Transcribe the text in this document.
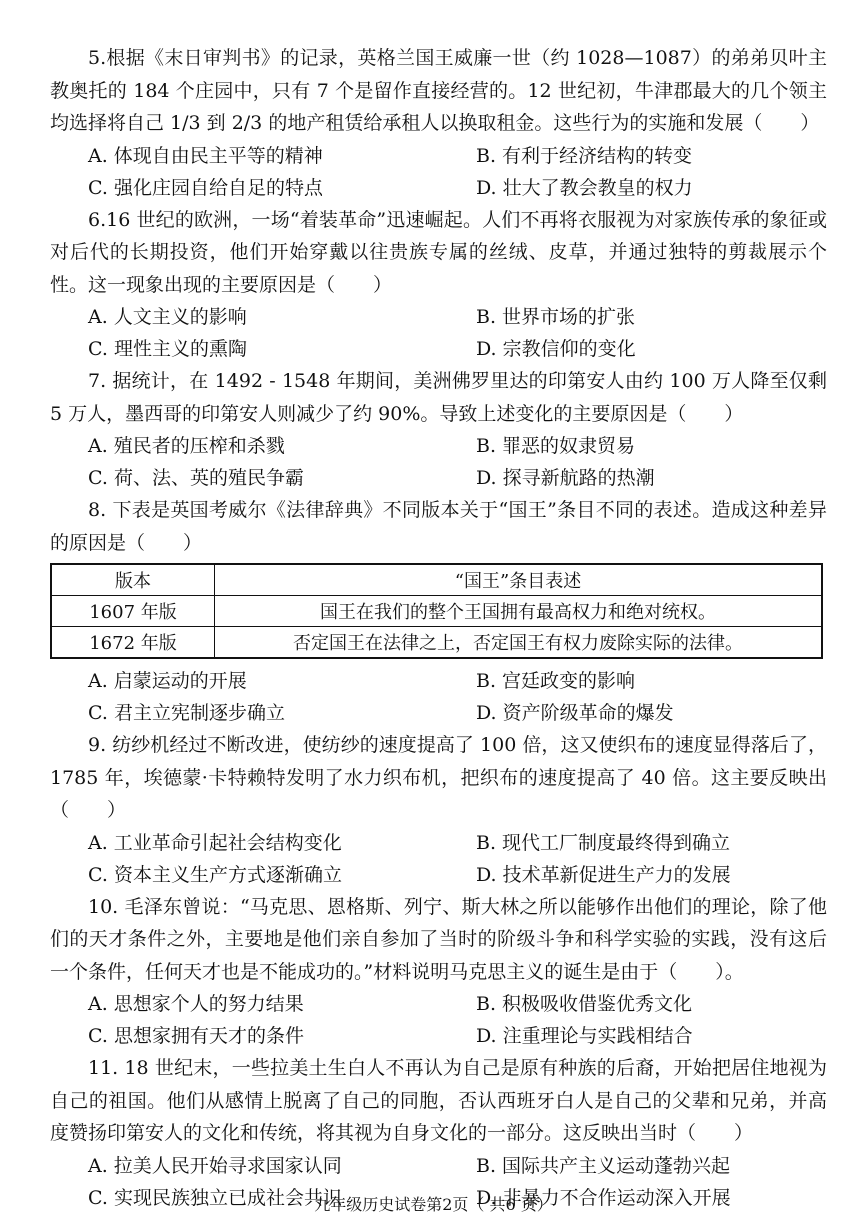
5.根据《末日审判书》的记录，英格兰国王威廉一世（约 1028—1087）的弟弟贝叶主教奥托的 184 个庄园中，只有 7 个是留作直接经营的。12 世纪初，牛津郡最大的几个领主均选择将自己 1/3 到 2/3 的地产租赁给承租人以换取租金。这些行为的实施和发展（　　）

A. 体现自由民主平等的精神	B. 有利于经济结构的转变
C. 强化庄园自给自足的特点	D. 壮大了教会教皇的权力

6.16 世纪的欧洲，一场“着装革命”迅速崛起。人们不再将衣服视为对家族传承的象征或对后代的长期投资，他们开始穿戴以往贵族专属的丝绒、皮草，并通过独特的剪裁展示个性。这一现象出现的主要原因是（　　）

A. 人文主义的影响	B. 世界市场的扩张
C. 理性主义的熏陶	D. 宗教信仰的变化

7. 据统计，在 1492 - 1548 年期间，美洲佛罗里达的印第安人由约 100 万人降至仅剩 5 万人，墨西哥的印第安人则减少了约 90%。导致上述变化的主要原因是（　　）

A. 殖民者的压榨和杀戮	B. 罪恶的奴隶贸易
C. 荷、法、英的殖民争霸	D. 探寻新航路的热潮

8. 下表是英国考威尔《法律辞典》不同版本关于“国王”条目不同的表述。造成这种差异的原因是（　　）

版本	“国王”条目表述
1607 年版	国王在我们的整个王国拥有最高权力和绝对统权。
1672 年版	否定国王在法律之上，否定国王有权力废除实际的法律。
A. 启蒙运动的开展	B. 宫廷政变的影响
C. 君主立宪制逐步确立	D. 资产阶级革命的爆发

9. 纺纱机经过不断改进，使纺纱的速度提高了 100 倍，这又使织布的速度显得落后了，1785 年，埃德蒙·卡特赖特发明了水力织布机，把织布的速度提高了 40 倍。这主要反映出（　　）

A. 工业革命引起社会结构变化	B. 现代工厂制度最终得到确立
C. 资本主义生产方式逐渐确立	D. 技术革新促进生产力的发展

10. 毛泽东曾说：“马克思、恩格斯、列宁、斯大林之所以能够作出他们的理论，除了他们的天才条件之外，主要地是他们亲自参加了当时的阶级斗争和科学实验的实践，没有这后一个条件，任何天才也是不能成功的。”材料说明马克思主义的诞生是由于（　　）。

A. 思想家个人的努力结果	B. 积极吸收借鉴优秀文化
C. 思想家拥有天才的条件	D. 注重理论与实践相结合

11. 18 世纪末，一些拉美土生白人不再认为自己是原有种族的后裔，开始把居住地视为自己的祖国。他们从感情上脱离了自己的同胞，否认西班牙白人是自己的父辈和兄弟，并高度赞扬印第安人的文化和传统，将其视为自身文化的一部分。这反映出当时（　　）

A. 拉美人民开始寻求国家认同	B. 国际共产主义运动蓬勃兴起
C. 实现民族独立已成社会共识	D. 非暴力不合作运动深入开展
九年级历史试卷第2页（ 共6 页）
